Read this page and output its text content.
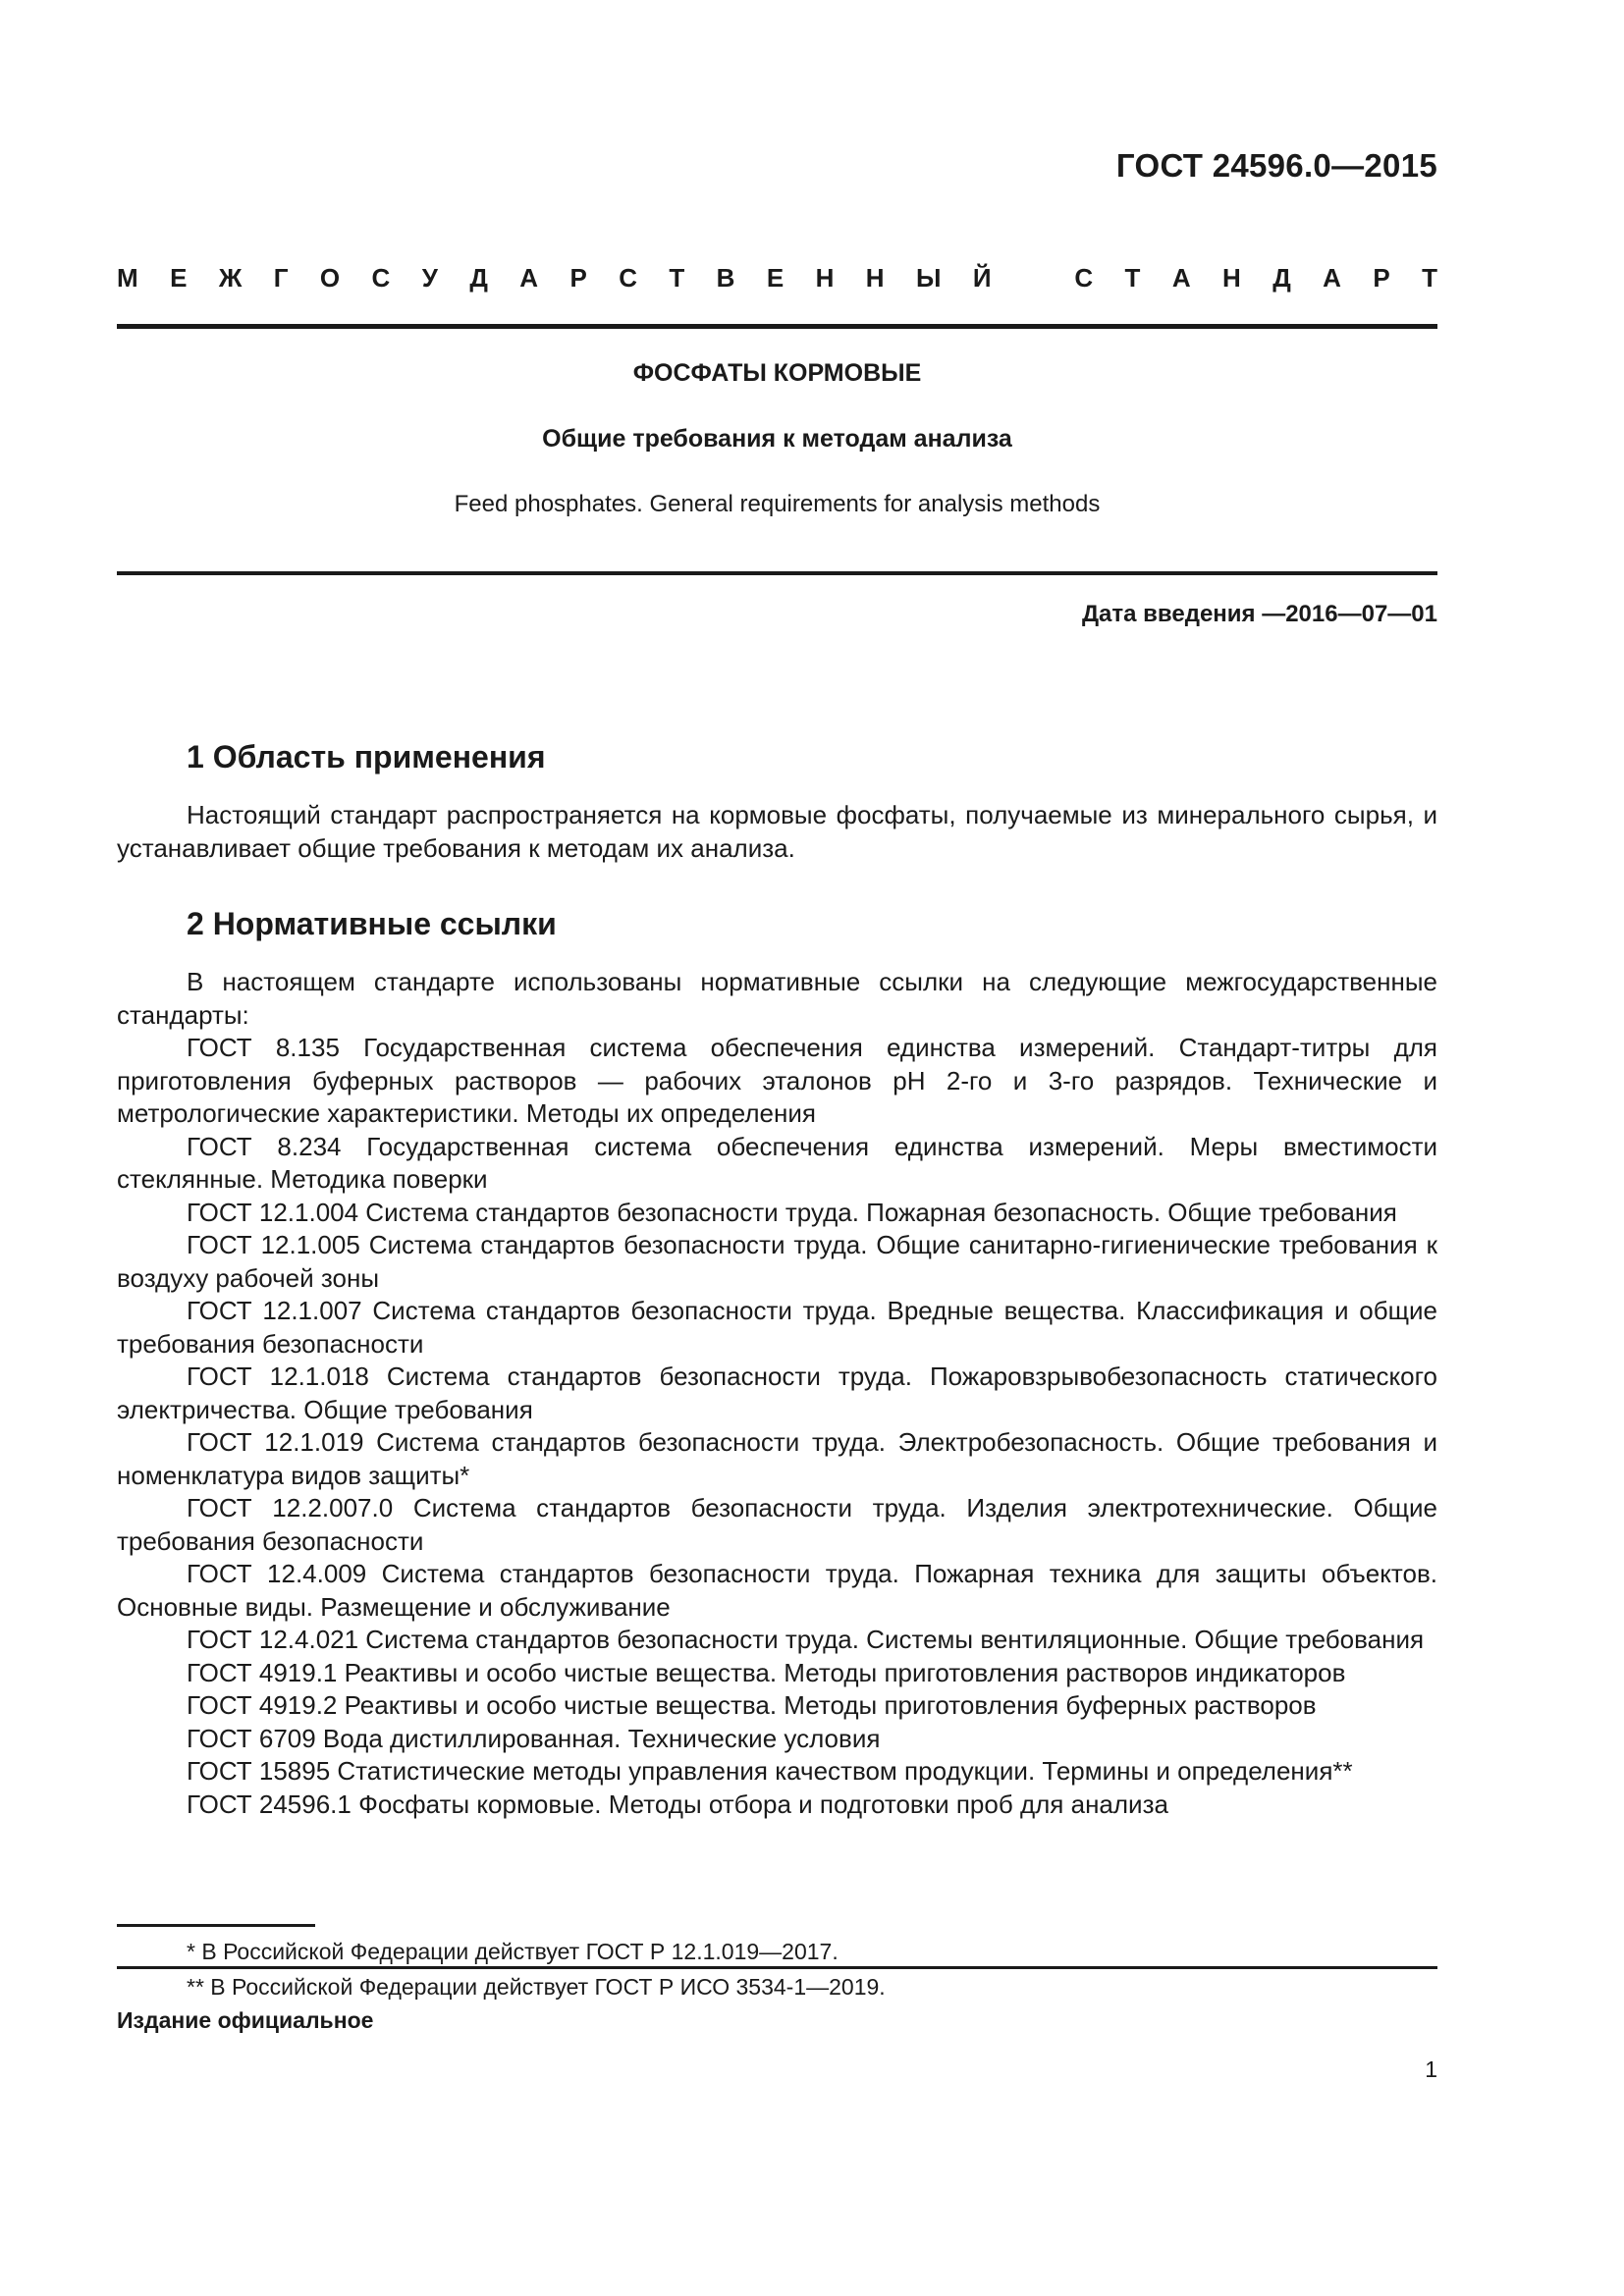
ГОСТ 24596.0—2015
М Е Ж Г О С У Д А Р С Т В Е Н Н Ы Й	С Т А Н Д А Р Т
ФОСФАТЫ КОРМОВЫЕ
Общие требования к методам анализа
Feed phosphates. General requirements for analysis methods
Дата введения —2016—07—01
1 Область применения

Настоящий стандарт распространяется на кормовые фосфаты, получаемые из минерального сырья, и устанавливает общие требования к методам их анализа.

2 Нормативные ссылки

В настоящем стандарте использованы нормативные ссылки на следующие межгосударственные стандарты:

ГОСТ 8.135 Государственная система обеспечения единства измерений. Стандарт-титры для приготовления буферных растворов — рабочих эталонов pH 2-го и 3-го разрядов. Технические и метрологические характеристики. Методы их определения

ГОСТ 8.234 Государственная система обеспечения единства измерений. Меры вместимости стеклянные. Методика поверки

ГОСТ 12.1.004 Система стандартов безопасности труда. Пожарная безопасность. Общие требования

ГОСТ 12.1.005 Система стандартов безопасности труда. Общие санитарно-гигиенические требования к воздуху рабочей зоны

ГОСТ 12.1.007 Система стандартов безопасности труда. Вредные вещества. Классификация и общие требования безопасности

ГОСТ 12.1.018 Система стандартов безопасности труда. Пожаровзрывобезопасность статического электричества. Общие требования

ГОСТ 12.1.019 Система стандартов безопасности труда. Электробезопасность. Общие требования и номенклатура видов защиты*

ГОСТ 12.2.007.0 Система стандартов безопасности труда. Изделия электротехнические. Общие требования безопасности

ГОСТ 12.4.009 Система стандартов безопасности труда. Пожарная техника для защиты объектов. Основные виды. Размещение и обслуживание

ГОСТ 12.4.021 Система стандартов безопасности труда. Системы вентиляционные. Общие требования

ГОСТ 4919.1 Реактивы и особо чистые вещества. Методы приготовления растворов индикаторов

ГОСТ 4919.2 Реактивы и особо чистые вещества. Методы приготовления буферных растворов

ГОСТ 6709 Вода дистиллированная. Технические условия

ГОСТ 15895 Статистические методы управления качеством продукции. Термины и определения**

ГОСТ 24596.1 Фосфаты кормовые. Методы отбора и подготовки проб для анализа

* В Российской Федерации действует ГОСТ Р 12.1.019—2017.
** В Российской Федерации действует ГОСТ Р ИСО 3534-1—2019.
Издание официальное
1
